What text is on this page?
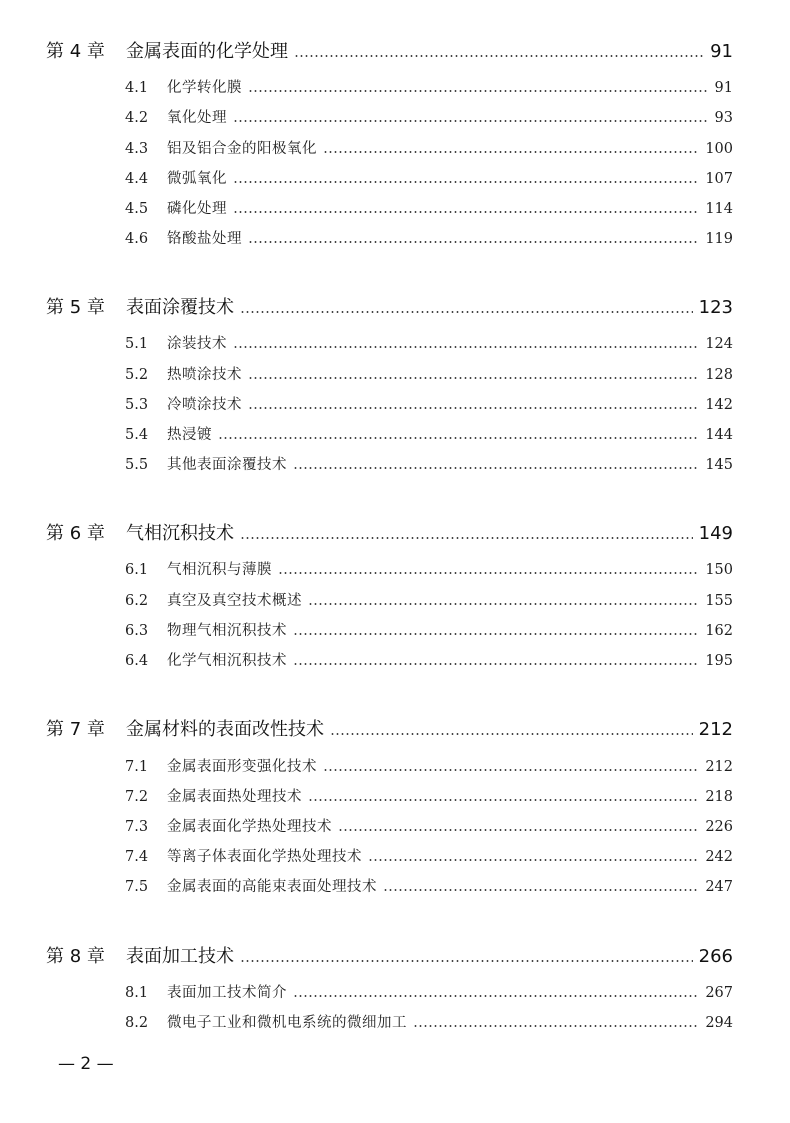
第 4 章	金属表面的化学处理	91
4.1	化学转化膜	91
4.2	氧化处理	93
4.3	铝及铝合金的阳极氧化	100
4.4	微弧氧化	107
4.5	磷化处理	114
4.6	铬酸盐处理	119
第 5 章	表面涂覆技术	123
5.1	涂装技术	124
5.2	热喷涂技术	128
5.3	冷喷涂技术	142
5.4	热浸镀	144
5.5	其他表面涂覆技术	145
第 6 章	气相沉积技术	149
6.1	气相沉积与薄膜	150
6.2	真空及真空技术概述	155
6.3	物理气相沉积技术	162
6.4	化学气相沉积技术	195
第 7 章	金属材料的表面改性技术	212
7.1	金属表面形变强化技术	212
7.2	金属表面热处理技术	218
7.3	金属表面化学热处理技术	226
7.4	等离子体表面化学热处理技术	242
7.5	金属表面的高能束表面处理技术	247
第 8 章	表面加工技术	266
8.1	表面加工技术简介	267
8.2	微电子工业和微机电系统的微细加工	294
— 2 —
